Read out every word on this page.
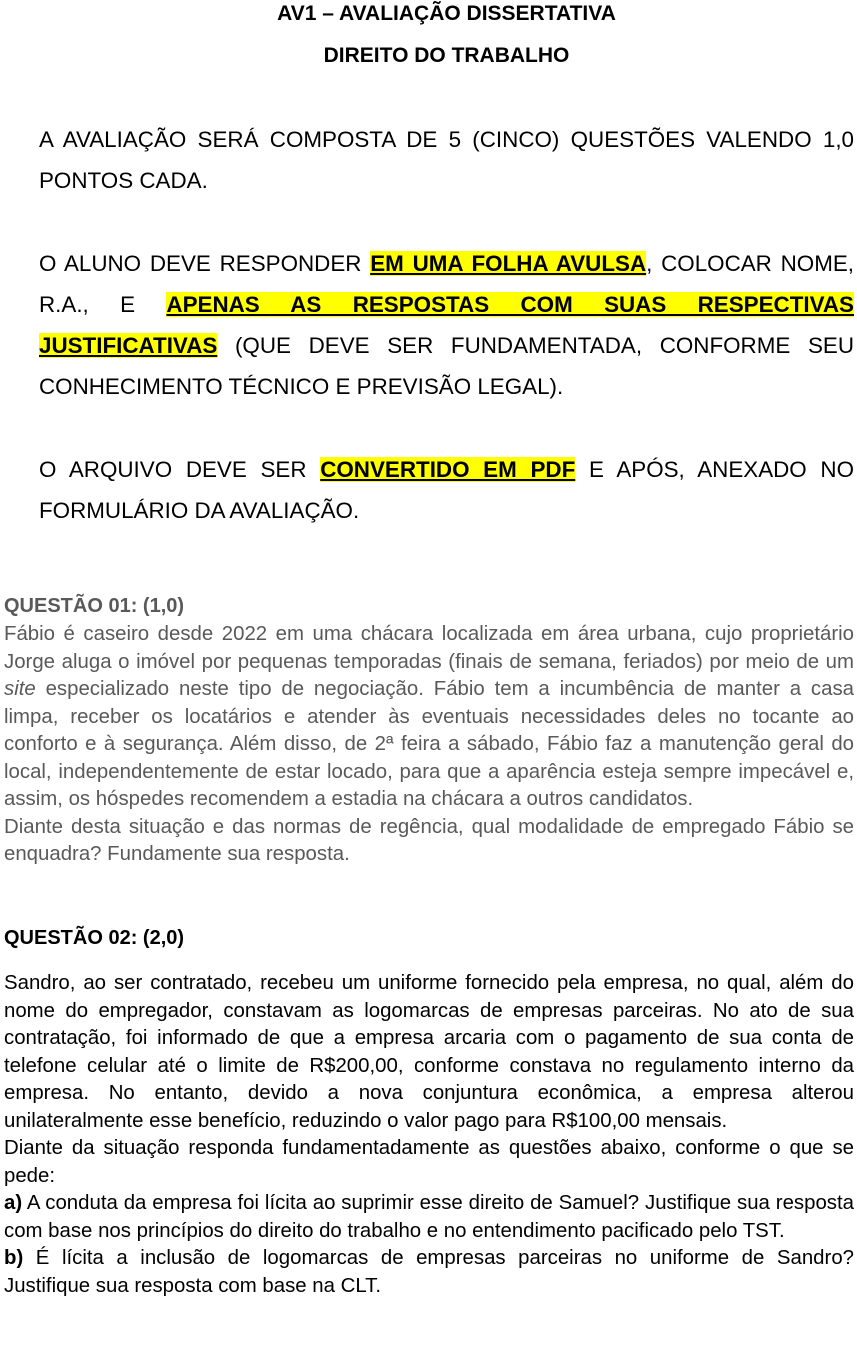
AV1 – AVALIAÇÃO DISSERTATIVA
DIREITO DO TRABALHO

A AVALIAÇÃO SERÁ COMPOSTA DE 5 (CINCO) QUESTÕES VALENDO 1,0 PONTOS CADA.

O ALUNO DEVE RESPONDER EM UMA FOLHA AVULSA, COLOCAR NOME, R.A., E APENAS AS RESPOSTAS COM SUAS RESPECTIVAS JUSTIFICATIVAS (QUE DEVE SER FUNDAMENTADA, CONFORME SEU CONHECIMENTO TÉCNICO E PREVISÃO LEGAL).

O ARQUIVO DEVE SER CONVERTIDO EM PDF E APÓS, ANEXADO NO FORMULÁRIO DA AVALIAÇÃO.

QUESTÃO 01: (1,0)

Fábio é caseiro desde 2022 em uma chácara localizada em área urbana, cujo proprietário Jorge aluga o imóvel por pequenas temporadas (finais de semana, feriados) por meio de um site especializado neste tipo de negociação. Fábio tem a incumbência de manter a casa limpa, receber os locatários e atender às eventuais necessidades deles no tocante ao conforto e à segurança. Além disso, de 2ª feira a sábado, Fábio faz a manutenção geral do local, independentemente de estar locado, para que a aparência esteja sempre impecável e, assim, os hóspedes recomendem a estadia na chácara a outros candidatos.

Diante desta situação e das normas de regência, qual modalidade de empregado Fábio se enquadra? Fundamente sua resposta.

QUESTÃO 02: (2,0)

Sandro, ao ser contratado, recebeu um uniforme fornecido pela empresa, no qual, além do nome do empregador, constavam as logomarcas de empresas parceiras. No ato de sua contratação, foi informado de que a empresa arcaria com o pagamento de sua conta de telefone celular até o limite de R$200,00, conforme constava no regulamento interno da empresa. No entanto, devido a nova conjuntura econômica, a empresa alterou unilateralmente esse benefício, reduzindo o valor pago para R$100,00 mensais.

Diante da situação responda fundamentadamente as questões abaixo, conforme o que se pede:

a) A conduta da empresa foi lícita ao suprimir esse direito de Samuel? Justifique sua resposta com base nos princípios do direito do trabalho e no entendimento pacificado pelo TST.

b) É lícita a inclusão de logomarcas de empresas parceiras no uniforme de Sandro? Justifique sua resposta com base na CLT.
